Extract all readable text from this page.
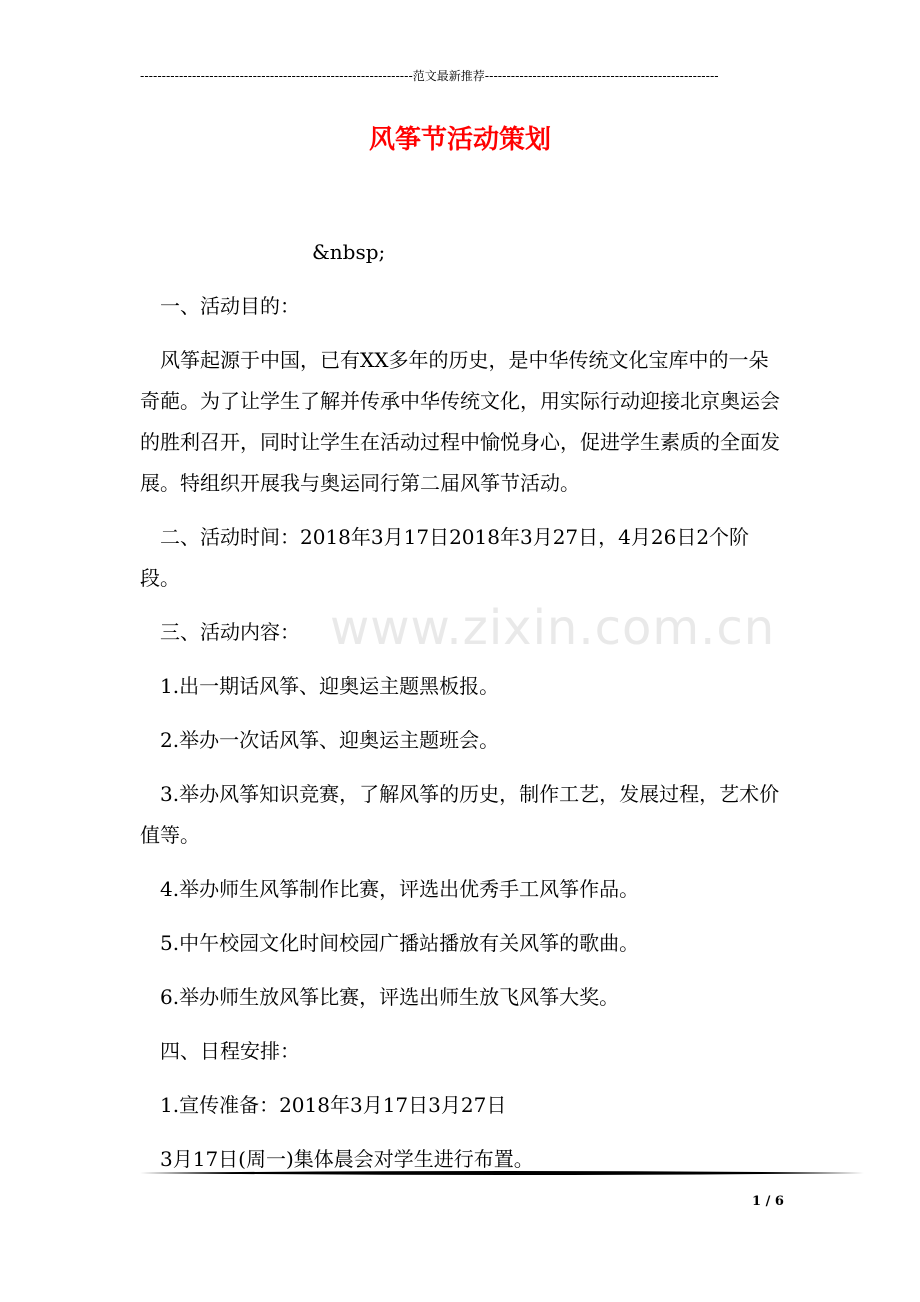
---------------------------------------------------------------范文最新推荐------------------------------------------------------
风筝节活动策划

&nbsp;

一、活动目的：

风筝起源于中国，已有XX多年的历史，是中华传统文化宝库中的一朵奇葩。为了让学生了解并传承中华传统文化，用实际行动迎接北京奥运会的胜利召开，同时让学生在活动过程中愉悦身心，促进学生素质的全面发展。特组织开展我与奥运同行第二届风筝节活动。

二、活动时间：2018年3月17日2018年3月27日，4月26日2个阶段。

三、活动内容：

1.出一期话风筝、迎奥运主题黑板报。

2.举办一次话风筝、迎奥运主题班会。

3.举办风筝知识竞赛，了解风筝的历史，制作工艺，发展过程，艺术价值等。

4.举办师生风筝制作比赛，评选出优秀手工风筝作品。

5.中午校园文化时间校园广播站播放有关风筝的歌曲。

6.举办师生放风筝比赛，评选出师生放飞风筝大奖。

四、日程安排：

1.宣传准备：2018年3月17日3月27日

3月17日(周一)集体晨会对学生进行布置。

www.zixin.com.cn
1 / 6
